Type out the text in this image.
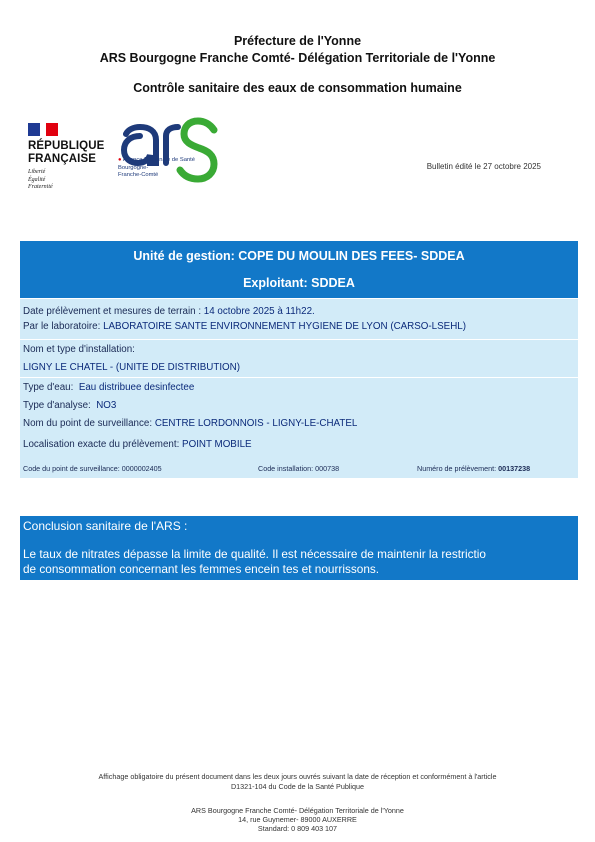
Préfecture de l'Yonne
ARS Bourgogne Franche Comté- Délégation Territoriale de l'Yonne
Contrôle sanitaire des eaux de consommation humaine
RÉPUBLIQUE
FRANÇAISE
Liberté
Égalité
Fraternité
● Agence Régionale de Santé
Bourgogne-
Franche-Comté
Bulletin édité le 27 octobre 2025
Unité de gestion: COPE DU MOULIN DES FEES- SDDEA
Exploitant: SDDEA
Date prélèvement et mesures de terrain : 14 octobre 2025 à 11h22.
Par le laboratoire: LABORATOIRE SANTE ENVIRONNEMENT HYGIENE DE LYON (CARSO-LSEHL)
Nom et type d'installation:
LIGNY LE CHATEL - (UNITE DE DISTRIBUTION)
Type d'eau: Eau distribuee desinfectee
Type d'analyse: NO3
Nom du point de surveillance: CENTRE LORDONNOIS - LIGNY-LE-CHATEL
Localisation exacte du prélèvement: POINT MOBILE
Code du point de surveillance: 0000002405	Code installation: 000738	Numéro de prélèvement: 00137238
Conclusion sanitaire de l'ARS :
Le taux de nitrates dépasse la limite de qualité. Il est nécessaire de maintenir la restrictio
de consommation concernant les femmes encein tes et nourrissons.
Affichage obligatoire du présent document dans les deux jours ouvrés suivant la date de réception et conformément à l'article
D1321-104 du Code de la Santé Publique
ARS Bourgogne Franche Comté- Délégation Territoriale de l'Yonne
14, rue Guynemer- 89000 AUXERRE
Standard: 0 809 403 107
